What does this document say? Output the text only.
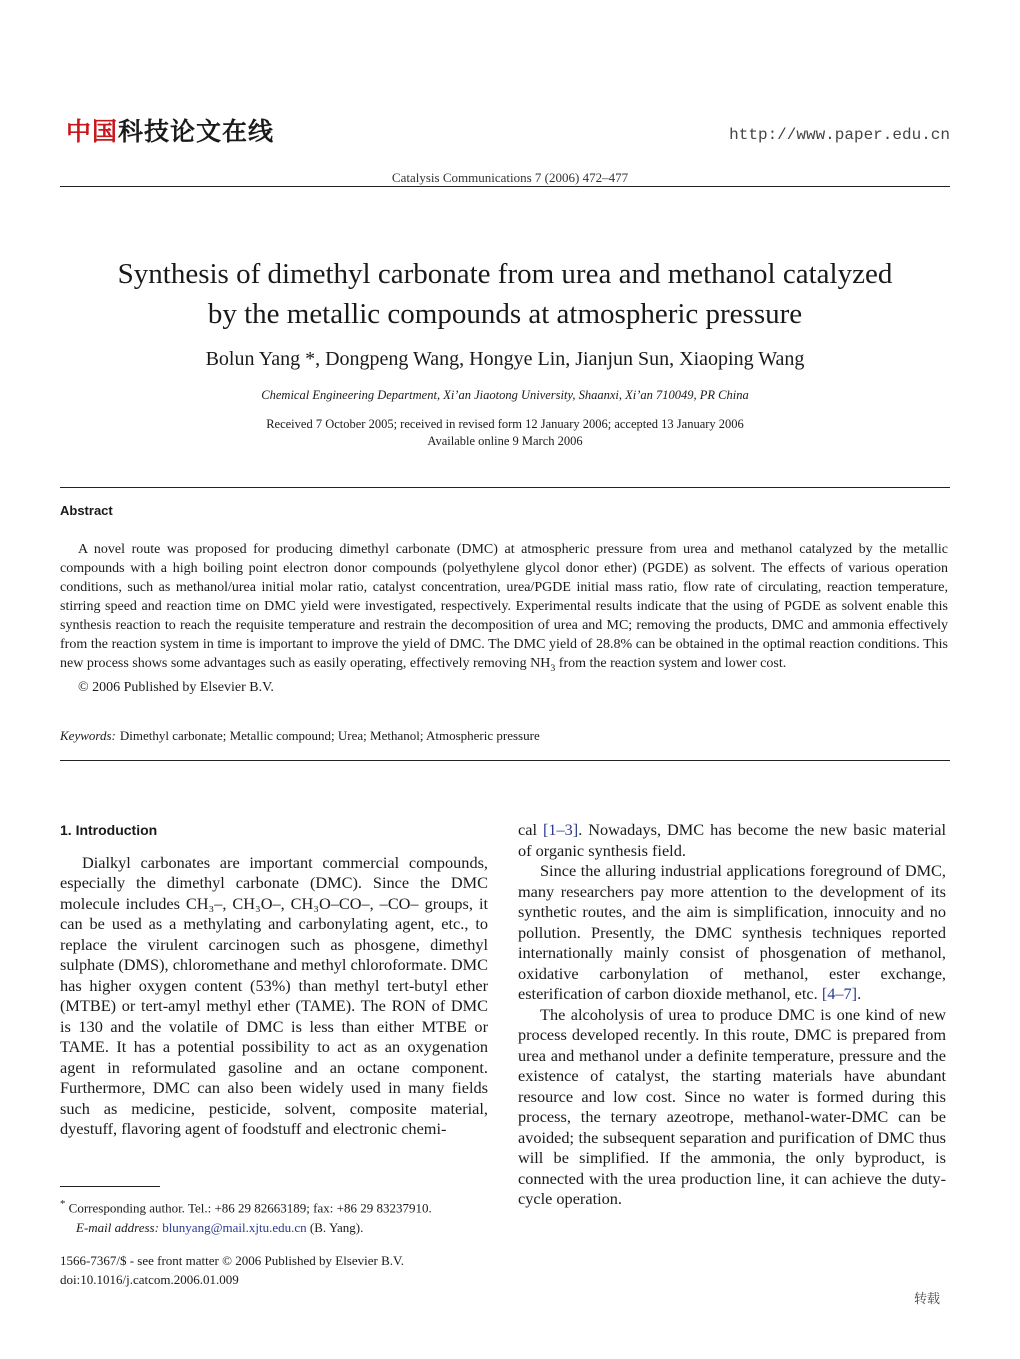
中国科技论文在线	http://www.paper.edu.cn
Catalysis Communications 7 (2006) 472–477
Synthesis of dimethyl carbonate from urea and methanol catalyzed
by the metallic compounds at atmospheric pressure
Bolun Yang *, Dongpeng Wang, Hongye Lin, Jianjun Sun, Xiaoping Wang
Chemical Engineering Department, Xi’an Jiaotong University, Shaanxi, Xi’an 710049, PR China
Received 7 October 2005; received in revised form 12 January 2006; accepted 13 January 2006
Available online 9 March 2006
Abstract

A novel route was proposed for producing dimethyl carbonate (DMC) at atmospheric pressure from urea and methanol catalyzed by the metallic compounds with a high boiling point electron donor compounds (polyethylene glycol donor ether) (PGDE) as solvent. The effects of various operation conditions, such as methanol/urea initial molar ratio, catalyst concentration, urea/PGDE initial mass ratio, flow rate of circulating, reaction temperature, stirring speed and reaction time on DMC yield were investigated, respectively. Experimental results indicate that the using of PGDE as solvent enable this synthesis reaction to reach the requisite temperature and restrain the decomposition of urea and MC; removing the products, DMC and ammonia effectively from the reaction system in time is important to improve the yield of DMC. The DMC yield of 28.8% can be obtained in the optimal reaction conditions. This new process shows some advantages such as easily operating, effectively removing $NH_3$ from the reaction system and lower cost.

© 2006 Published by Elsevier B.V.

Keywords: Dimethyl carbonate; Metallic compound; Urea; Methanol; Atmospheric pressure

1. Introduction

Dialkyl carbonates are important commercial compounds, especially the dimethyl carbonate (DMC). Since the DMC molecule includes CH₃–, CH₃O–, CH₃O–CO–, –CO– groups, it can be used as a methylating and carbonylating agent, etc., to replace the virulent carcinogen such as phosgene, dimethyl sulphate (DMS), chloromethane and methyl chloroformate. DMC has higher oxygen content (53%) than methyl tert-butyl ether (MTBE) or tert-amyl methyl ether (TAME). The RON of DMC is 130 and the volatile of DMC is less than either MTBE or TAME. It has a potential possibility to act as an oxygenation agent in reformulated gasoline and an octane component. Furthermore, DMC can also been widely used in many fields such as medicine, pesticide, solvent, composite material, dyestuff, flavoring agent of foodstuff and electronic chemi-

cal [1–3]. Nowadays, DMC has become the new basic material of organic synthesis field.

Since the alluring industrial applications foreground of DMC, many researchers pay more attention to the development of its synthetic routes, and the aim is simplification, innocuity and no pollution. Presently, the DMC synthesis techniques reported internationally mainly consist of phosgenation of methanol, oxidative carbonylation of methanol, ester exchange, esterification of carbon dioxide methanol, etc. [4–7].

The alcoholysis of urea to produce DMC is one kind of new process developed recently. In this route, DMC is prepared from urea and methanol under a definite temperature, pressure and the existence of catalyst, the starting materials have abundant resource and low cost. Since no water is formed during this process, the ternary azeotrope, methanol-water-DMC can be avoided; the subsequent separation and purification of DMC thus will be simplified. If the ammonia, the only byproduct, is connected with the urea production line, it can achieve the duty-cycle operation.

* Corresponding author. Tel.: +86 29 82663189; fax: +86 29 83237910.
E-mail address: blunyang@mail.xjtu.edu.cn (B. Yang).
1566-7367/$ - see front matter © 2006 Published by Elsevier B.V.
doi:10.1016/j.catcom.2006.01.009
转载
